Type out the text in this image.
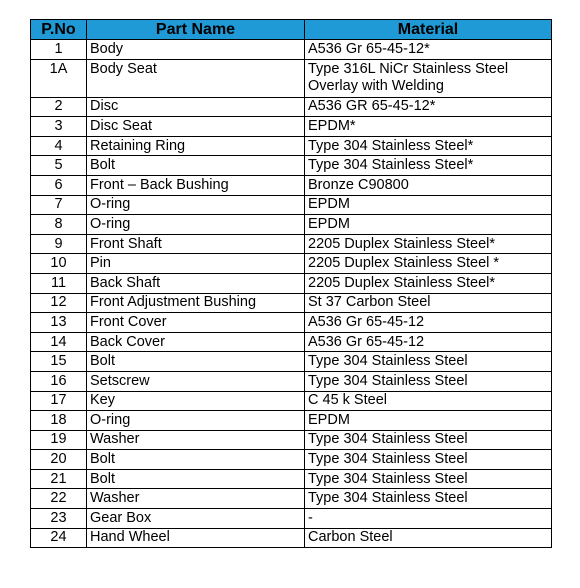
P.No	Part Name	Material
1	Body	A536 Gr 65-45-12*
1A	Body Seat	Type 316L NiCr Stainless Steel Overlay with Welding
2	Disc	A536 GR 65-45-12*
3	Disc Seat	EPDM*
4	Retaining Ring	Type 304 Stainless Steel*
5	Bolt	Type 304 Stainless Steel*
6	Front – Back Bushing	Bronze C90800
7	O-ring	EPDM
8	O-ring	EPDM
9	Front Shaft	2205 Duplex Stainless Steel*
10	Pin	2205 Duplex Stainless Steel *
11	Back Shaft	2205 Duplex Stainless Steel*
12	Front Adjustment Bushing	St 37 Carbon Steel
13	Front Cover	A536 Gr 65-45-12
14	Back Cover	A536 Gr 65-45-12
15	Bolt	Type 304 Stainless Steel
16	Setscrew	Type 304 Stainless Steel
17	Key	C 45 k Steel
18	O-ring	EPDM
19	Washer	Type 304 Stainless Steel
20	Bolt	Type 304 Stainless Steel
21	Bolt	Type 304 Stainless Steel
22	Washer	Type 304 Stainless Steel
23	Gear Box	-
24	Hand Wheel	Carbon Steel
